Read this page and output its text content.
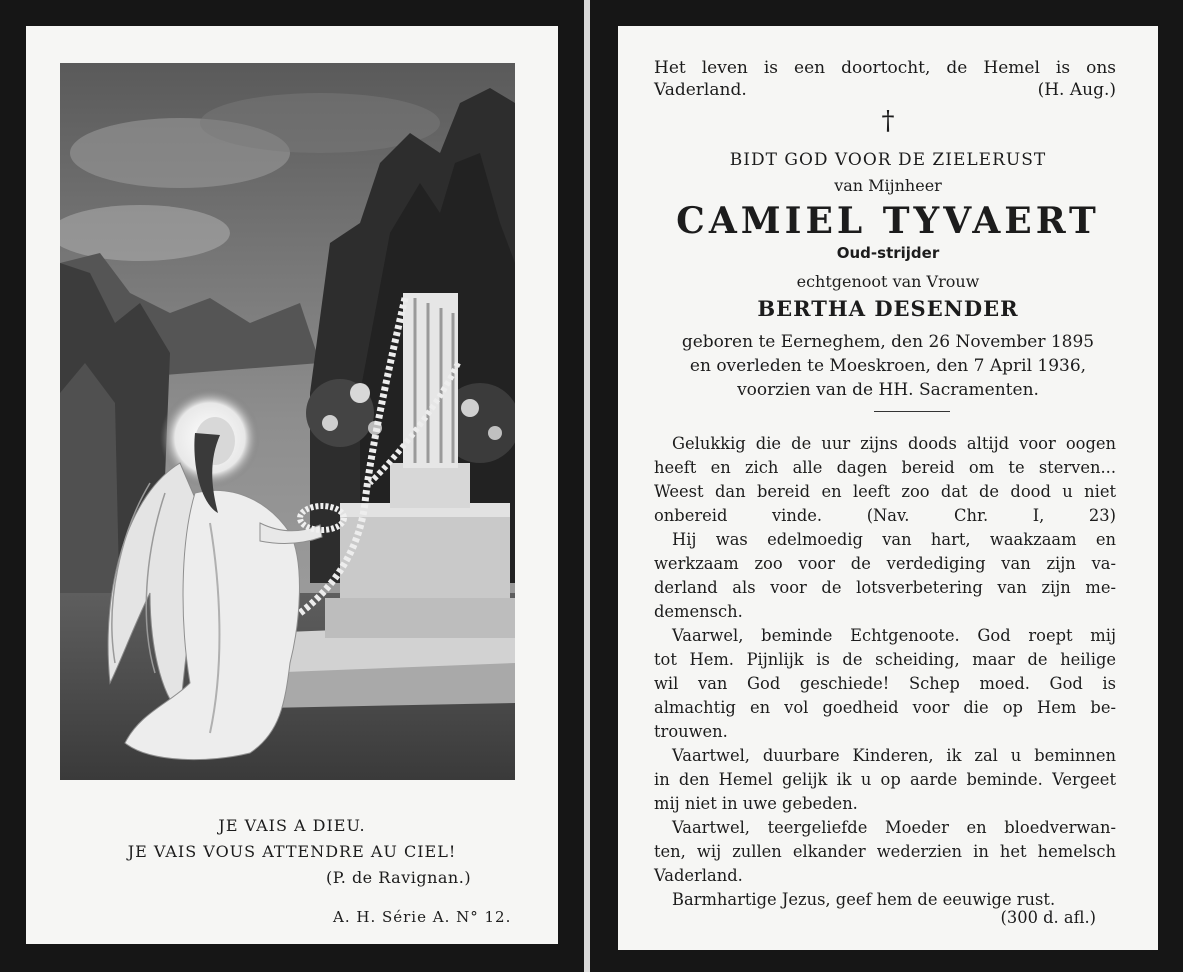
JE VAIS A DIEU.
JE VAIS VOUS ATTENDRE AU CIEL!
(P. de Ravignan.)
A. H. Série A. N° 12.
Het leven is een doortocht, de Hemel is ons
Vaderland.	(H. Aug.)
†
BIDT GOD VOOR DE ZIELERUST
van Mijnheer
CAMIEL TYVAERT
Oud-strijder
echtgenoot van Vrouw
BERTHA DESENDER
geboren te Eerneghem, den 26 November 1895
en overleden te Moeskroen, den 7 April 1936,
voorzien van de HH. Sacramenten.
Gelukkig die de uur zijns doods altijd voor oogen
heeft en zich alle dagen bereid om te sterven...
Weest dan bereid en leeft zoo dat de dood u niet
onbereid vinde.	(Nav. Chr. I, 23)
Hij was edelmoedig van hart, waakzaam en
werkzaam zoo voor de verdediging van zijn va-
derland als voor de lotsverbetering van zijn me-
demensch.
Vaarwel, beminde Echtgenoote. God roept mij
tot Hem. Pijnlijk is de scheiding, maar de heilige
wil van God geschiede! Schep moed. God is
almachtig en vol goedheid voor die op Hem be-
trouwen.
Vaartwel, duurbare Kinderen, ik zal u beminnen
in den Hemel gelijk ik u op aarde beminde. Vergeet
mij niet in uwe gebeden.
Vaartwel, teergeliefde Moeder en bloedverwan-
ten, wij zullen elkander wederzien in het hemelsch
Vaderland.
Barmhartige Jezus, geef hem de eeuwige rust.
(300 d. afl.)
